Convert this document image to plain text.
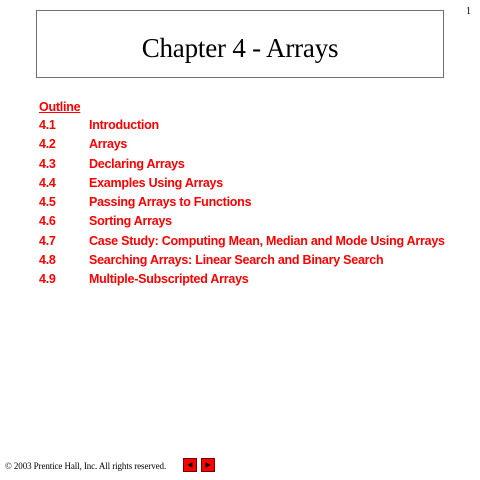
1
Chapter 4 - Arrays
Outline
4.1	Introduction
4.2	Arrays
4.3	Declaring Arrays
4.4	Examples Using Arrays
4.5	Passing Arrays to Functions
4.6	Sorting Arrays
4.7	Case Study: Computing Mean, Median and Mode Using Arrays
4.8	Searching Arrays: Linear Search and Binary Search
4.9	Multiple-Subscripted Arrays
© 2003 Prentice Hall, Inc. All rights reserved.
